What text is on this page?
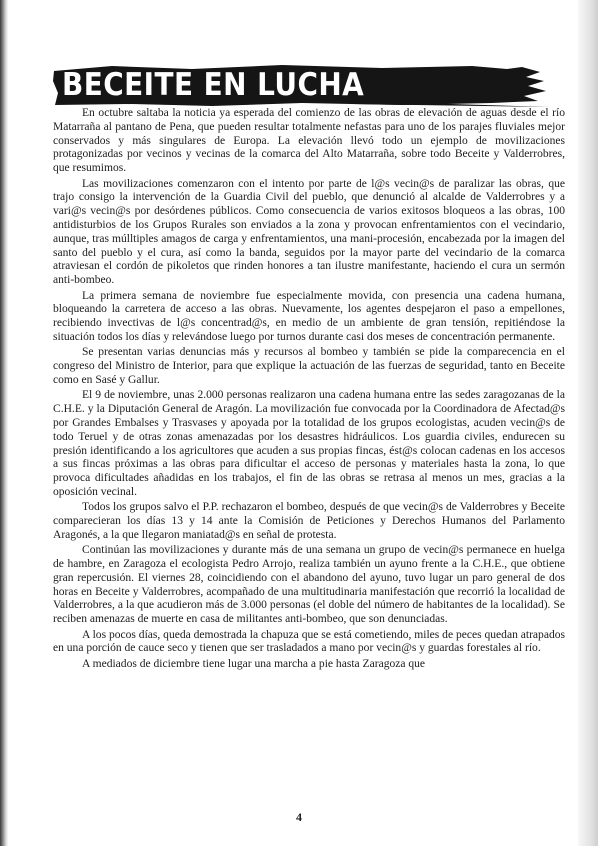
BECEITE EN LUCHA

En octubre saltaba la noticia ya esperada del comienzo de las obras de elevación de aguas desde el río Matarraña al pantano de Pena, que pueden resultar totalmente nefastas para uno de los parajes fluviales mejor conservados y más singulares de Europa. La elevación llevó todo un ejemplo de movilizaciones protagonizadas por vecinos y vecinas de la comarca del Alto Matarraña, sobre todo Beceite y Valderrobres, que resumimos.

Las movilizaciones comenzaron con el intento por parte de l@s vecin@s de paralizar las obras, que trajo consigo la intervención de la Guardia Civil del pueblo, que denunció al alcalde de Valderrobres y a vari@s vecin@s por desórdenes públicos. Como consecuencia de varios exitosos bloqueos a las obras, 100 antidisturbios de los Grupos Rurales son enviados a la zona y provocan enfrentamientos con el vecindario, aunque, tras múlltiples amagos de carga y enfrentamientos, una mani-procesión, encabezada por la imagen del santo del pueblo y el cura, así como la banda, seguidos por la mayor parte del vecindario de la comarca atraviesan el cordón de pikoletos que rinden honores a tan ilustre manifestante, haciendo el cura un sermón anti-bombeo.

La primera semana de noviembre fue especialmente movida, con presencia una cadena humana, bloqueando la carretera de acceso a las obras. Nuevamente, los agentes despejaron el paso a empellones, recibiendo invectivas de l@s concentrad@s, en medio de un ambiente de gran tensión, repitiéndose la situación todos los días y relevándose luego por turnos durante casi dos meses de concentración permanente.

Se presentan varias denuncias más y recursos al bombeo y también se pide la comparecencia en el congreso del Ministro de Interior, para que explique la actuación de las fuerzas de seguridad, tanto en Beceite como en Sasé y Gallur.

El 9 de noviembre, unas 2.000 personas realizaron una cadena humana entre las sedes zaragozanas de la C.H.E. y la Diputación General de Aragón. La movilización fue convocada por la Coordinadora de Afectad@s por Grandes Embalses y Trasvases y apoyada por la totalidad de los grupos ecologistas, acuden vecin@s de todo Teruel y de otras zonas amenazadas por los desastres hidráulicos. Los guardia civiles, endurecen su presión identificando a los agricultores que acuden a sus propias fincas, ést@s colocan cadenas en los accesos a sus fincas próximas a las obras para dificultar el acceso de personas y materiales hasta la zona, lo que provoca dificultades añadidas en los trabajos, el fin de las obras se retrasa al menos un mes, gracias a la oposición vecinal.

Todos los grupos salvo el P.P. rechazaron el bombeo, después de que vecin@s de Valderrobres y Beceite comparecieran los días 13 y 14 ante la Comisión de Peticiones y Derechos Humanos del Parlamento Aragonés, a la que llegaron maniatad@s en señal de protesta.

Continúan las movilizaciones y durante más de una semana un grupo de vecin@s permanece en huelga de hambre, en Zaragoza el ecologista Pedro Arrojo, realiza también un ayuno frente a la C.H.E., que obtiene gran repercusión. El viernes 28, coincidiendo con el abandono del ayuno, tuvo lugar un paro general de dos horas en Beceite y Valderrobres, acompañado de una multitudinaria manifestación que recorrió la localidad de Valderrobres, a la que acudieron más de 3.000 personas (el doble del número de habitantes de la localidad). Se reciben amenazas de muerte en casa de militantes anti-bombeo, que son denunciadas.

A los pocos días, queda demostrada la chapuza que se está cometiendo, miles de peces quedan atrapados en una porción de cauce seco y tienen que ser trasladados a mano por vecin@s y guardas forestales al río.

A mediados de diciembre tiene lugar una marcha a pie hasta Zaragoza que

4
